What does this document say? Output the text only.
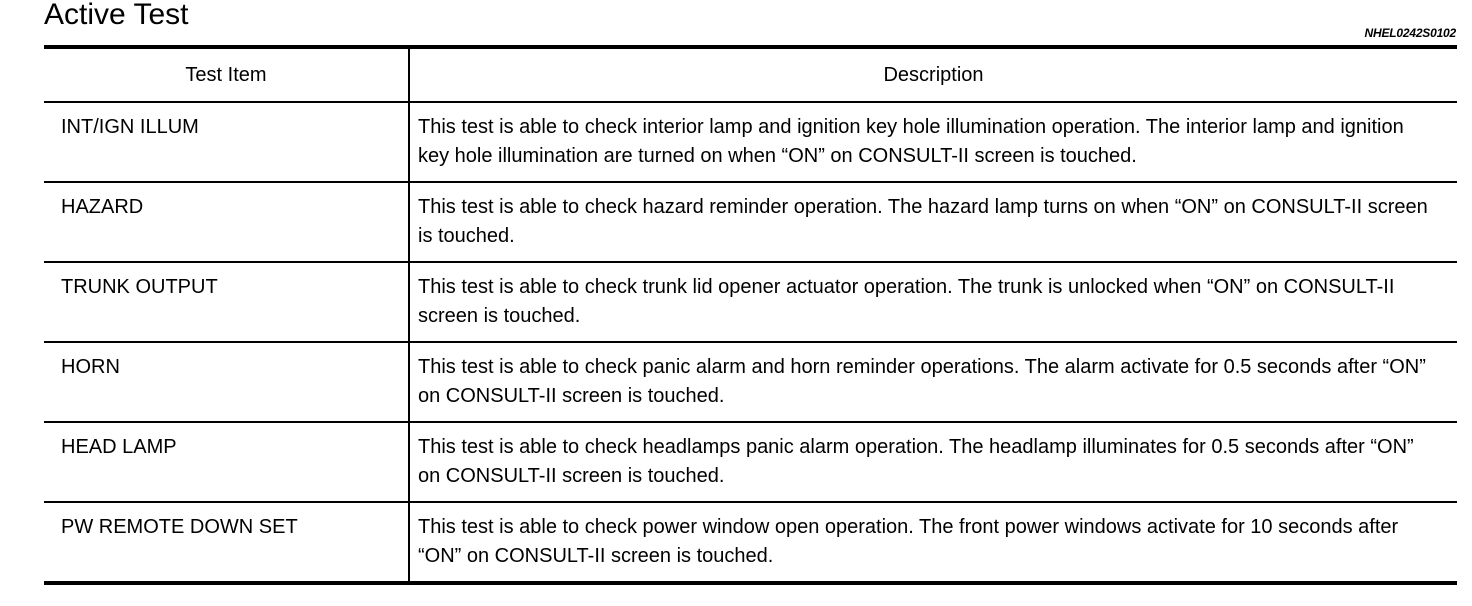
Active Test
NHEL0242S0102
Test Item	Description
INT/IGN ILLUM	This test is able to check interior lamp and ignition key hole illumination operation. The interior lamp and ignition key hole illumination are turned on when “ON” on CONSULT-II screen is touched.
HAZARD	This test is able to check hazard reminder operation. The hazard lamp turns on when “ON” on CONSULT-II screen is touched.
TRUNK OUTPUT	This test is able to check trunk lid opener actuator operation. The trunk is unlocked when “ON” on CONSULT-II screen is touched.
HORN	This test is able to check panic alarm and horn reminder operations. The alarm activate for 0.5 seconds after “ON” on CONSULT-II screen is touched.
HEAD LAMP	This test is able to check headlamps panic alarm operation. The headlamp illuminates for 0.5 seconds after “ON” on CONSULT-II screen is touched.
PW REMOTE DOWN SET	This test is able to check power window open operation. The front power windows activate for 10 seconds after “ON” on CONSULT-II screen is touched.
